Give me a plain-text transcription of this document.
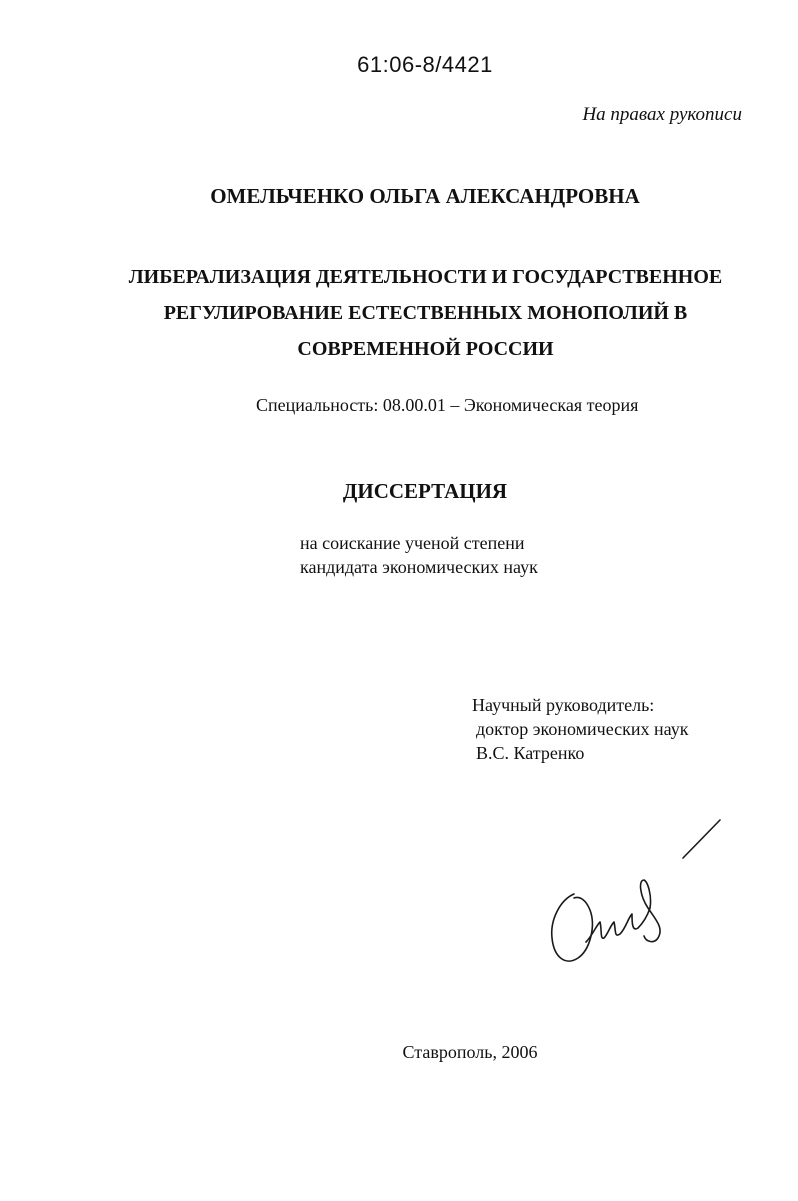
61:06-8/4421
На правах рукописи
ОМЕЛЬЧЕНКО ОЛЬГА АЛЕКСАНДРОВНА
ЛИБЕРАЛИЗАЦИЯ ДЕЯТЕЛЬНОСТИ И ГОСУДАРСТВЕННОЕ
РЕГУЛИРОВАНИЕ ЕСТЕСТВЕННЫХ МОНОПОЛИЙ В
СОВРЕМЕННОЙ РОССИИ
Специальность: 08.00.01 – Экономическая теория
ДИССЕРТАЦИЯ
на соискание ученой степени
кандидата экономических наук
Научный руководитель:
доктор экономических наук
В.С. Катренко
Ставрополь, 2006
